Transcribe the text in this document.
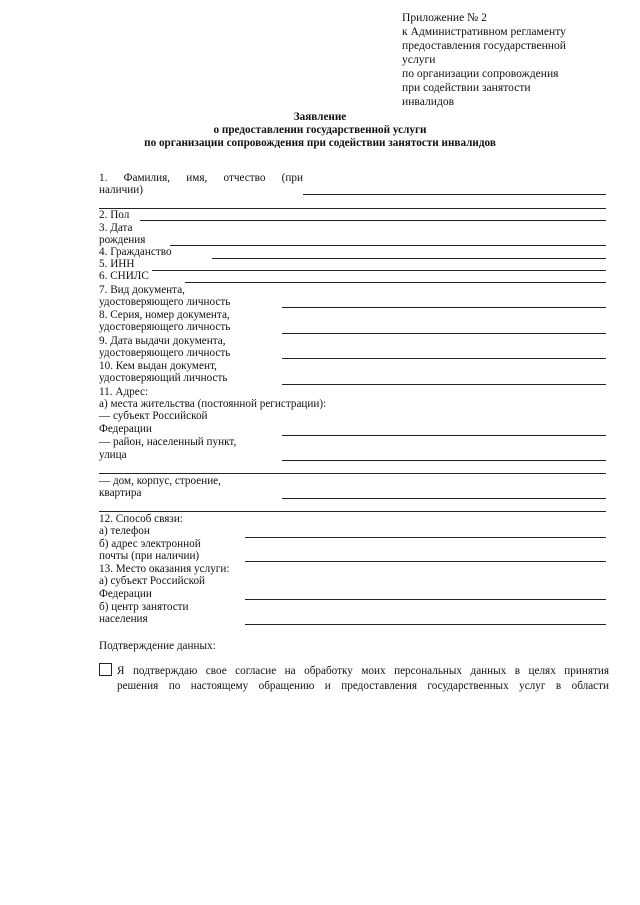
Приложение № 2
к Административном регламенту
предоставления государственной
услуги
по организации сопровождения
при содействии занятости
инвалидов
Заявление
о предоставлении государственной услуги
по организации сопровождения при содействии занятости инвалидов
1. Фамилия, имя, отчество (при
наличии)
2. Пол
3. Дата
рождения
4. Гражданство
5. ИНН
6. СНИЛС
7. Вид документа,
удостоверяющего личность
8. Серия, номер документа,
удостоверяющего личность
9. Дата выдачи документа,
удостоверяющего личность
10. Кем выдан документ,
удостоверяющий личность
11. Адрес:
а) места жительства (постоянной регистрации):
— субъект Российской
Федерации
— район, населенный пункт,
улица
— дом, корпус, строение,
квартира
12. Способ связи:
а) телефон
б) адрес электронной
почты (при наличии)
13. Место оказания услуги:
а) субъект Российской
Федерации
б) центр занятости
населения
Подтверждение данных:
Я подтверждаю свое согласие на обработку моих персональных данных в целях принятия
решения по настоящему обращению и предоставления государственных услуг в области
